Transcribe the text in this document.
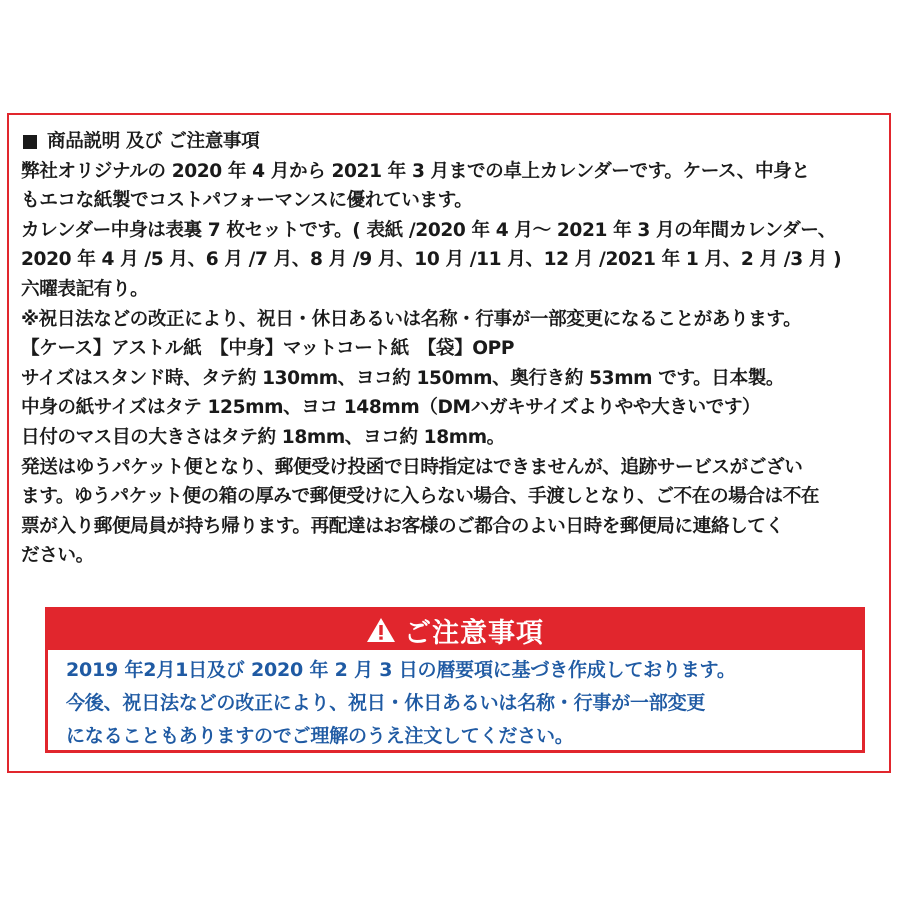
商品説明 及び ご注意事項
弊社オリジナルの 2020 年 4 月から 2021 年 3 月までの卓上カレンダーです。ケース、中身と
もエコな紙製でコストパフォーマンスに優れています。
カレンダー中身は表裏 7 枚セットです。( 表紙 /2020 年 4 月～ 2021 年 3 月の年間カレンダー、
2020 年 4 月 /5 月、6 月 /7 月、8 月 /9 月、10 月 /11 月、12 月 /2021 年 1 月、2 月 /3 月 )
六曜表記有り。
※祝日法などの改正により、祝日・休日あるいは名称・行事が一部変更になることがあります。
【ケース】アストル紙　【中身】マットコート紙　【袋】OPP
サイズはスタンド時、タテ約 130mm、ヨコ約 150mm、奥行き約 53mm です。日本製。
中身の紙サイズはタテ 125mm、ヨコ 148mm（DMハガキサイズよりやや大きいです）
日付のマス目の大きさはタテ約 18mm、ヨコ約 18mm。
発送はゆうパケット便となり、郵便受け投函で日時指定はできませんが、追跡サービスがござい
ます。ゆうパケット便の箱の厚みで郵便受けに入らない場合、手渡しとなり、ご不在の場合は不在
票が入り郵便局員が持ち帰ります。再配達はお客様のご都合のよい日時を郵便局に連絡してく
ださい。
ご注意事項
2019 年2月1日及び 2020 年 2 月 3 日の暦要項に基づき作成しております。
今後、祝日法などの改正により、祝日・休日あるいは名称・行事が一部変更
になることもありますのでご理解のうえ注文してください。
